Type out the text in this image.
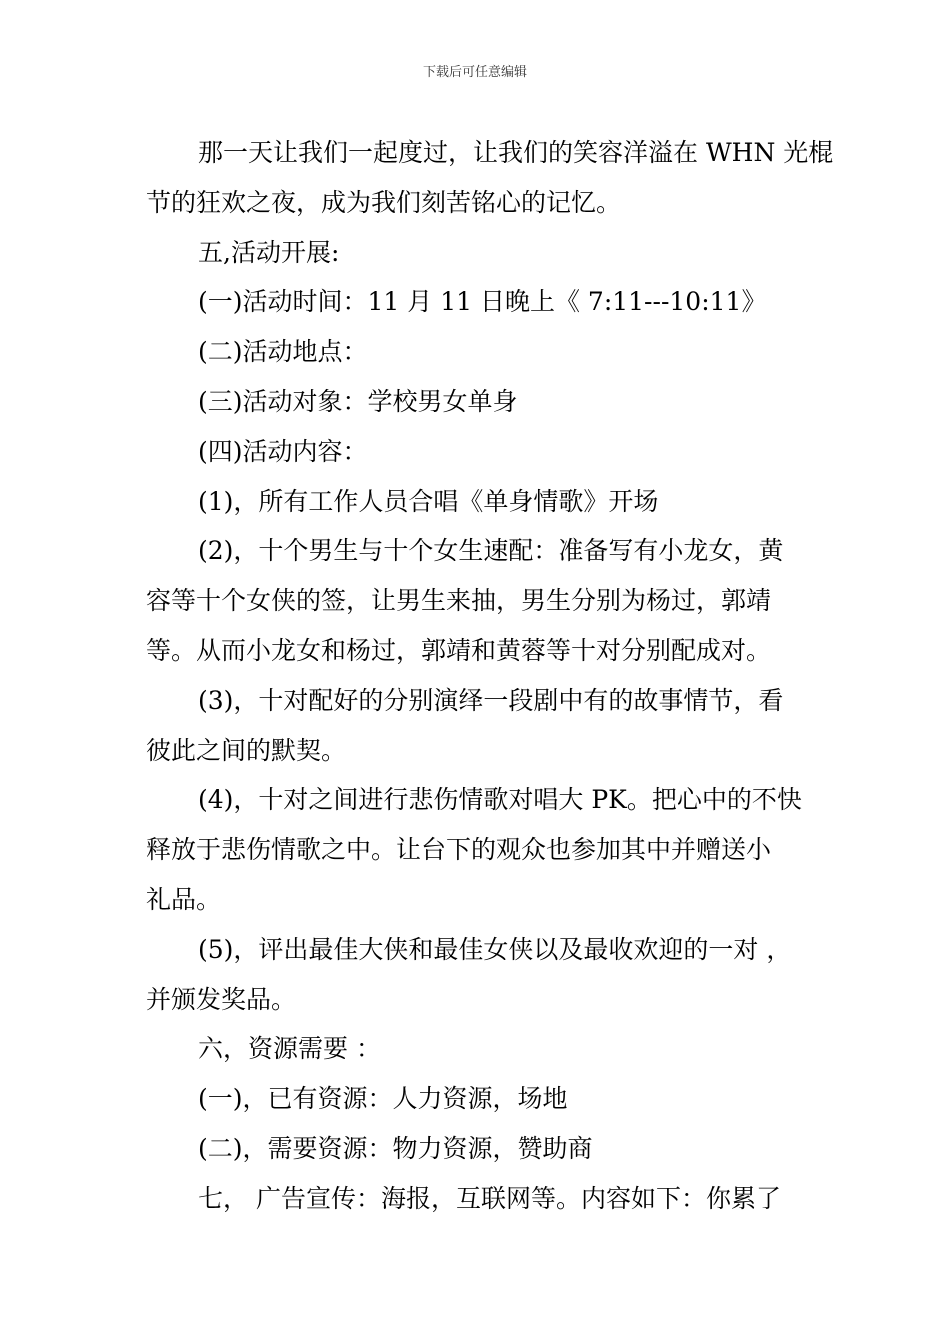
下载后可任意编辑

那一天让我们一起度过，让我们的笑容洋溢在 WHN 光棍
节的狂欢之夜，成为我们刻苦铭心的记忆。

五,活动开展:

(一)活动时间：11 月 11 日晚上《 7:11---10:11》

(二)活动地点：

(三)活动对象：学校男女单身

(四)活动内容：

(1)，所有工作人员合唱《单身情歌》开场

(2)，十个男生与十个女生速配：准备写有小龙女，黄
容等十个女侠的签，让男生来抽，男生分别为杨过，郭靖
等。从而小龙女和杨过，郭靖和黄蓉等十对分别配成对。

(3)，十对配好的分别演绎一段剧中有的故事情节，看
彼此之间的默契。

(4)，十对之间进行悲伤情歌对唱大 PK。把心中的不快
释放于悲伤情歌之中。让台下的观众也参加其中并赠送小
礼品。

(5)，评出最佳大侠和最佳女侠以及最收欢迎的一对 ，
并颁发奖品。

六，资源需要 ：

(一)，已有资源：人力资源，场地

(二)，需要资源：物力资源，赞助商

七， 广告宣传：海报，互联网等。内容如下：你累了
